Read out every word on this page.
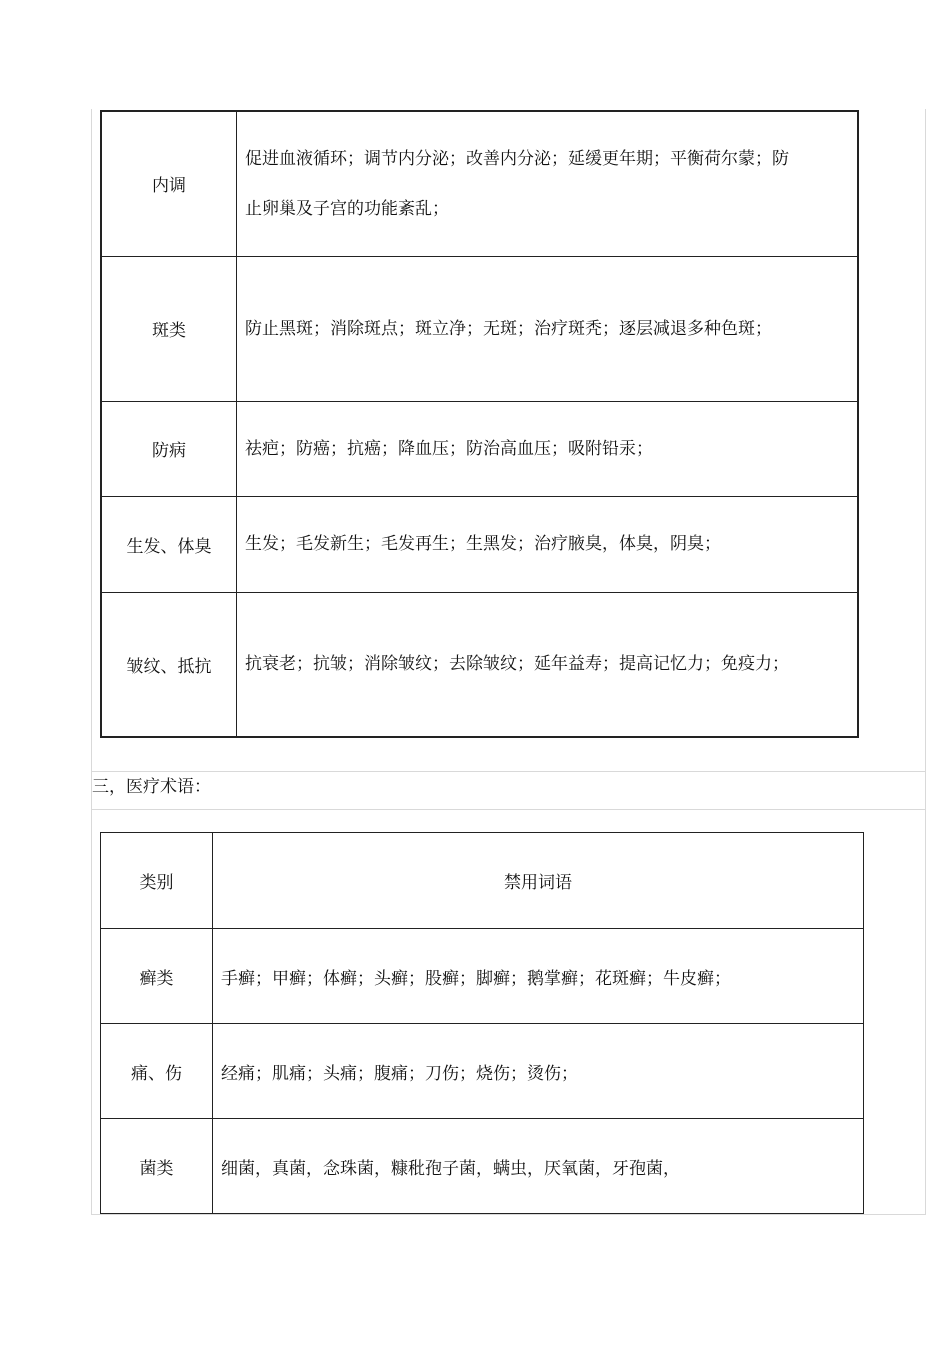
内调	促进血液循环；调节内分泌；改善内分泌；延缓更年期；平衡荷尔蒙；防止卵巢及子宫的功能紊乱；
斑类	防止黑斑；消除斑点；斑立净；无斑；治疗斑秃；逐层减退多种色斑；
防病	祛疤；防癌；抗癌；降血压；防治高血压；吸附铅汞；
生发、体臭	生发；毛发新生；毛发再生；生黑发；治疗腋臭，体臭，阴臭；
皱纹、抵抗	抗衰老；抗皱；消除皱纹；去除皱纹；延年益寿；提高记忆力；免疫力；
三，医疗术语：
类别	禁用词语
癣类	手癣；甲癣；体癣；头癣；股癣；脚癣；鹅掌癣；花斑癣；牛皮癣；
痛、伤	经痛；肌痛；头痛；腹痛；刀伤；烧伤；烫伤；
菌类	细菌，真菌，念珠菌，糠秕孢子菌，螨虫，厌氧菌，牙孢菌，
